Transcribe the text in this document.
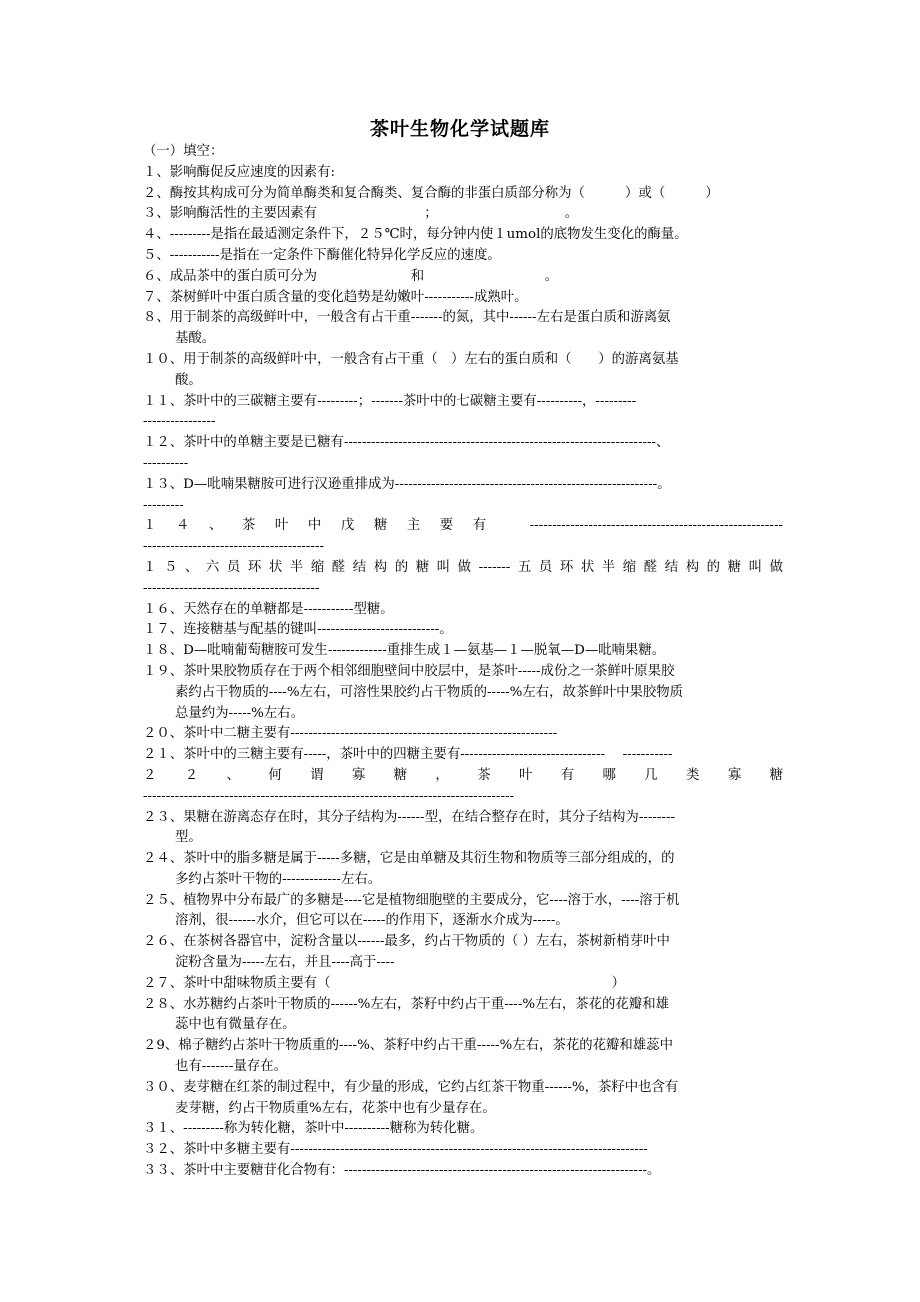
茶叶生物化学试题库
（一）填空：
１、影响酶促反应速度的因素有:
２、酶按其构成可分为简单酶类和复合酶类、复合酶的非蛋白质部分称为（　　　）或（　　　）
３、影响酶活性的主要因素有　　　　　　　　；　　　　　　　　　　。
４、---------是指在最适测定条件下，２５℃时，每分钟内使１umol的底物发生变化的酶量。
５、-----------是指在一定条件下酶催化特异化学反应的速度。
６、成品茶中的蛋白质可分为　　　　　　　和　　　　　　　　　。
７、茶树鲜叶中蛋白质含量的变化趋势是幼嫩叶-----------成熟叶。
８、用于制茶的高级鲜叶中，一般含有占干重-------的氮，其中------左右是蛋白质和游离氨
基酸。
１０、用于制茶的高级鲜叶中，一般含有占干重（　）左右的蛋白质和（　　）的游离氨基
酸。
１１、茶叶中的三碳糖主要有---------；-------茶叶中的七碳糖主要有----------，---------
----------------
１２、茶叶中的单糖主要是已糖有---------------------------------------------------------------------、
----------
１３、D—吡喃果糖胺可进行汉逊重排成为----------------------------------------------------------。
---------
１４、茶叶中戊糖主要有 --------------------------------------------------------
----------------------------------------
１５、六员环状半缩醛结构的糖叫做-------五员环状半缩醛结构的糖叫做
---------------------------------------
１６、天然存在的单糖都是-----------型糖。
１７、连接糖基与配基的键叫---------------------------。
１８、D—吡喃葡萄糖胺可发生-------------重排生成１—氨基—１—脱氧—D—吡喃果糖。
１９、茶叶果胶物质存在于两个相邻细胞壁间中胶层中，是茶叶-----成份之一茶鲜叶原果胶
素约占干物质的----%左右，可溶性果胶约占干物质的-----%左右，故茶鲜叶中果胶物质
总量约为-----%左右。
２０、茶叶中二糖主要有-----------------------------------------------------------
２１、茶叶中的三糖主要有-----，茶叶中的四糖主要有--------------------------------　 -----------
２２、何谓寡糖，茶叶有哪几类寡糖
----------------------------------------------------------------------------------
２３、果糖在游离态存在时，其分子结构为------型，在结合整存在时，其分子结构为--------
型。
２４、茶叶中的脂多糖是属于-----多糖，它是由单糖及其衍生物和物质等三部分组成的，的
多约占茶叶干物的-------------左右。
２５、植物界中分布最广的多糖是----它是植物细胞壁的主要成分，它----溶于水，----溶于机
溶剂，很------水介，但它可以在-----的作用下，逐渐水介成为-----。
２６、在茶树各器官中，淀粉含量以------最多，约占干物质的（ ）左右，茶树新梢芽叶中
淀粉含量为-----左右，并且----高于----
２７、茶叶中甜味物质主要有（　　　　　　　　　　　　　　　　　　　　　）
２８、水苏糖约占茶叶干物质的------%左右，茶籽中约占干重----%左右，茶花的花瓣和雄
蕊中也有微量存在。
２9、棉子糖约占茶叶干物质重的----%、茶籽中约占干重-----%左右，茶花的花瓣和雄蕊中
也有-------量存在。
３０、麦芽糖在红茶的制过程中，有少量的形成，它约占红茶干物重------%，茶籽中也含有
麦芽糖，约占干物质重%左右，花茶中也有少量存在。
３１、---------称为转化糖，茶叶中----------糖称为转化糖。
３２、茶叶中多糖主要有-------------------------------------------------------------------------------
３３、茶叶中主要糖苷化合物有：-------------------------------------------------------------------。
